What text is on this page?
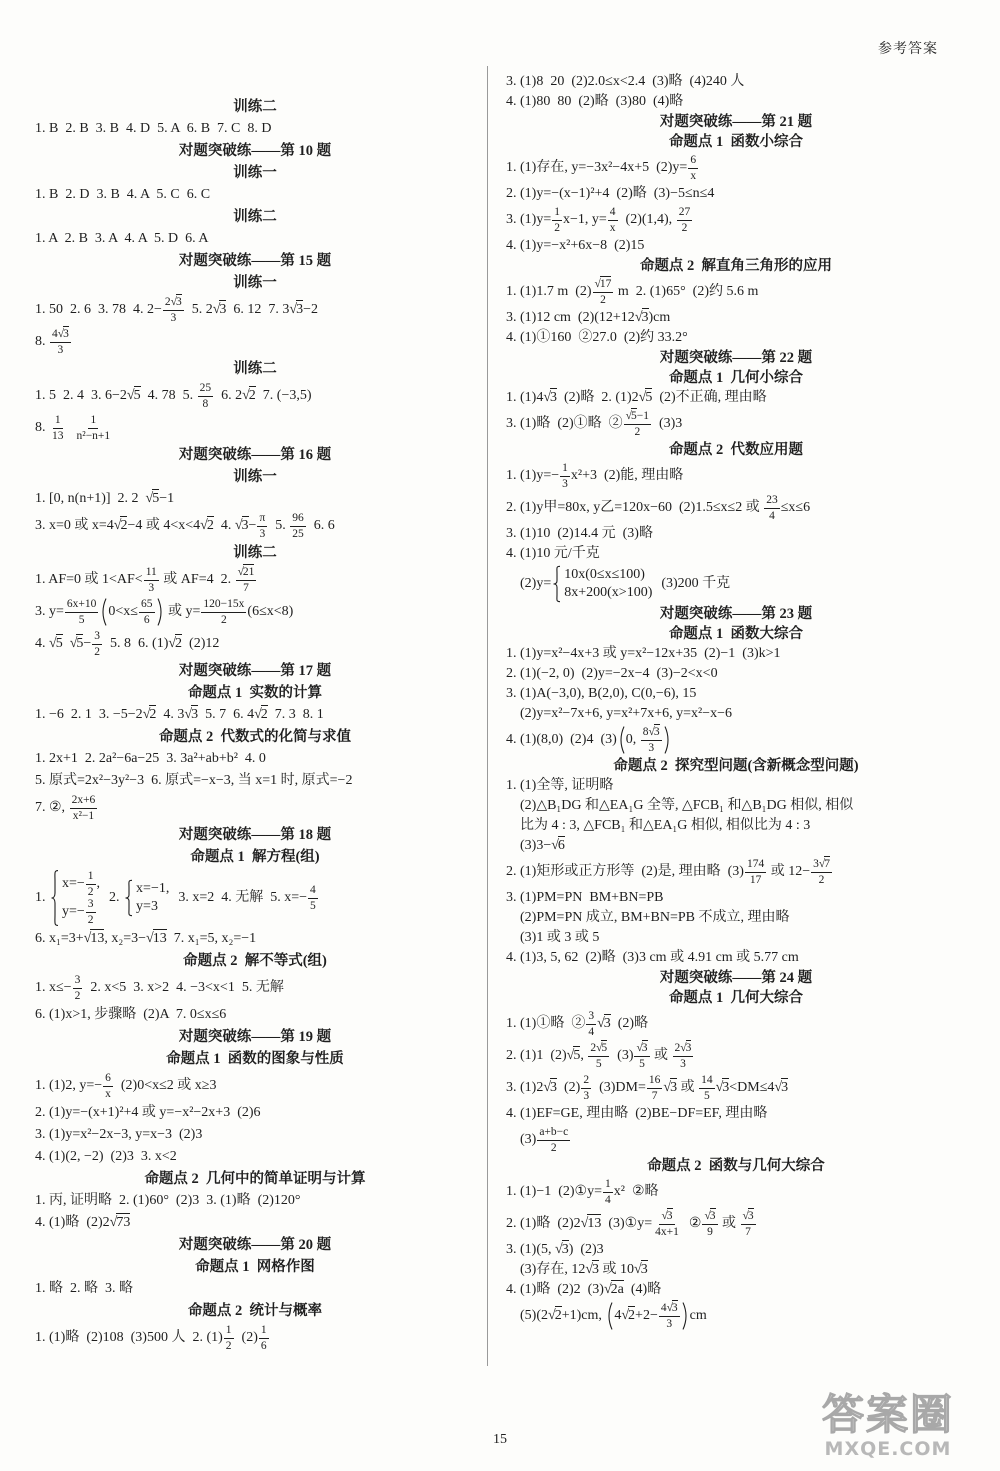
参考答案
训练二
1. B  2. B  3. B  4. D  5. A  6. B  7. C  8. D
对题突破练——第 10 题
训练一
1. B  2. D  3. B  4. A  5. C  6. C
训练二
1. A  2. B  3. A  4. A  5. D  6. A
对题突破练——第 15 题
训练一
1. 50  2. 6  3. 78  4. $2- \frac{2√3}{3} 5$. 2√3  6. 12  7. 3√3−2
8. $\frac{4√3}{3}$
训练二
1. 5  2. 4  3. 6−2√5  4. 78  5. $\frac{25}{8} 6$. 2√2  7. (−3,5)
8. $\frac{1}{13}$
$\frac{1}{\text{n²−n+1}}$
对题突破练——第 16 题
训练一
1. [0, n(n+1)]  2. 2  √5−1
3. x=0 或 x=4√2−4 或 4<x<4√2  4. $√3- \frac{\pi}{3} 5$. $\frac{96}{25} 6$. 6
训练二
1. AF=0 或 $1<AF< \frac{11}{3}$ 或 AF=4  2. $\frac{√21}{7}$
3. $y= \frac{6x+10}{5} 0<x\le \frac{65}{6}$ 或 $y= \frac{120-15x}{2} (6\le x<8)$
4. √5 $√5- \frac{3}{2} 5$. 8  6. (1)√2  (2)12
对题突破练——第 17 题
命题点 1  实数的计算
1. −6  2. 1  3. −5−2√2  4. 3√3  5. 7  6. 4√2  7. 3  8. 1
命题点 2  代数式的化简与求值
1. 2x+1  2. 2a²−6a−25  3. 3a²+ab+b²  4. 0
5. 原式=2x²−3y²−3  6. 原式=−x−3, 当 x=1 时, 原式=−2
7. ②, $\frac{2x+6}{\text{x²−1}}$
对题突破练——第 18 题
命题点 1  解方程(组)
1.
$x=- \frac{1}{2}$ ,
$y=- \frac{3}{2}$
2.
x=−1,
y=3
3. x=2  4. 无解  5. $x=- \frac{4}{5}$
6. x₁=3+√13, x₂=3−√13  7. x₁=5, x₂=−1
命题点 2  解不等式(组)
1. $x\le- \frac{3}{2} 2$. x<5  3. x>2  4. −3<x<1  5. 无解
6. (1)x>1, 步骤略  (2)A  7. 0≤x≤6
对题突破练——第 19 题
命题点 1  函数的图象与性质
1. (1)2, $y=- \frac{6}{x} (2)0<x\le 2$ 或 x≥3
2. (1)y=−(x+1)²+4 或 y=−x²−2x+3  (2)6
3. (1)y=x²−2x−3, y=x−3  (2)3
4. (1)(2, −2)  (2)3  3. x<2
命题点 2  几何中的简单证明与计算
1. 丙, 证明略  2. (1)60°  (2)3  3. (1)略  (2)120°
4. (1)略  (2)2√73
对题突破练——第 20 题
命题点 1  网格作图
1. 略  2. 略  3. 略
命题点 2  统计与概率
1. (1)略  (2)108  (3)500 人  2. $(1) \frac{1}{2} (2) \frac{1}{6}$
3. (1)8  20  (2)2.0≤x<2.4  (3)略  (4)240 人
4. (1)80  80  (2)略  (3)80  (4)略
对题突破练——第 21 题
命题点 1  函数小综合
1. (1)存在, y=−3x²−4x+5  $(2)y= \frac{6}{x}$
2. (1)y=−(x−1)²+4  (2)略  (3)−5≤n≤4
3. $(1)y= \frac{1}{2} x-1$, $y= \frac{4}{x} (2)(1,4)$, $\frac{27}{2}$
4. (1)y=−x²+6x−8  (2)15
命题点 2  解直角三角形的应用
1. (1)1.7 m  $(2) \frac{√17}{2}$ m  2. (1)65°  (2)约 5.6 m
3. (1)12 cm  (2)(12+12√3)cm
4. (1)①160  ②27.0  (2)约 33.2°
对题突破练——第 22 题
命题点 1  几何小综合
1. (1)4√3  (2)略  2. (1)2√5  (2)不正确, 理由略
3. (1)略  (2)①略  ② $\frac{√5-1}{2} (3)3$
命题点 2  代数应用题
1. $(1)y=- \frac{1}{3} x^2+3$  (2)能, 理由略
2. (1)y甲=80x, y乙=120x−60  (2)1.5≤x≤2 或 $\frac{23}{4} \le x\le 6$
3. (1)10  (2)14.4 元  (3)略
4. (1)10 元/千克
(2)y=
10x(0≤x≤100)
8x+200(x>100)
(3)200 千克
对题突破练——第 23 题
命题点 1  函数大综合
1. (1)y=x²−4x+3 或 y=x²−12x+35  (2)−1  (3)k>1
2. (1)(−2, 0)  (2)y=−2x−4  (3)−2<x<0
3. (1)A(−3,0), B(2,0), C(0,−6), 15
(2)y=x²−7x+6, y=x²+7x+6, y=x²−x−6
4. (1)(8,0)  (2)4  (3) 0, $\frac{8√3}{3}$
命题点 2  探究型问题(含新概念型问题)
1. (1)全等, 证明略
(2)△B₁DG 和△EA₁G 全等, △FCB₁ 和△B₁DG 相似, 相似
比为 4 : 3, △FCB₁ 和△EA₁G 相似, 相似比为 4 : 3
(3)3−√6
2. (1)矩形或正方形等  (2)是, 理由略  $(3) \frac{174}{17}$ 或 $12- \frac{3√7}{2}$
3. (1)PM=PN  BM+BN=PB
(2)PM=PN 成立, BM+BN=PB 不成立, 理由略
(3)1 或 3 或 5
4. (1)3, 5, 62  (2)略  (3)3 cm 或 4.91 cm 或 5.77 cm
对题突破练——第 24 题
命题点 1  几何大综合
1. (1)①略  ② $\frac{3}{4} √3$  (2)略
2. (1)1  (2)√5, $\frac{2√5}{5} (3) \frac{√3}{5}$ 或 $\frac{2√3}{3}$
3. (1)2√3  $(2) \frac{2}{3} (3)DM= \frac{16}{7} √3$ 或 $\frac{14}{5} √3<DM\le 4√3$
4. (1)EF=GE, 理由略  (2)BE−DF=EF, 理由略
$(3) \frac{a+b-c}{2}$
命题点 2  函数与几何大综合
1. (1)−1  (2)①y= $\frac{1}{4} x^2$  ②略
2. (1)略  (2)2√13  (3)①y= $\frac{√3}{4x+1}$ ② $\frac{√3}{9}$ 或 $\frac{√3}{7}$
3. (1)(5, √3)  (2)3
(3)存在, 12√3 或 10√3
4. (1)略  (2)2  (3)√2a  (4)略
(5)(2√2+1)cm, $4√2+2- \frac{4√3}{3}$ cm
15
答案圈
MXQE.COM
